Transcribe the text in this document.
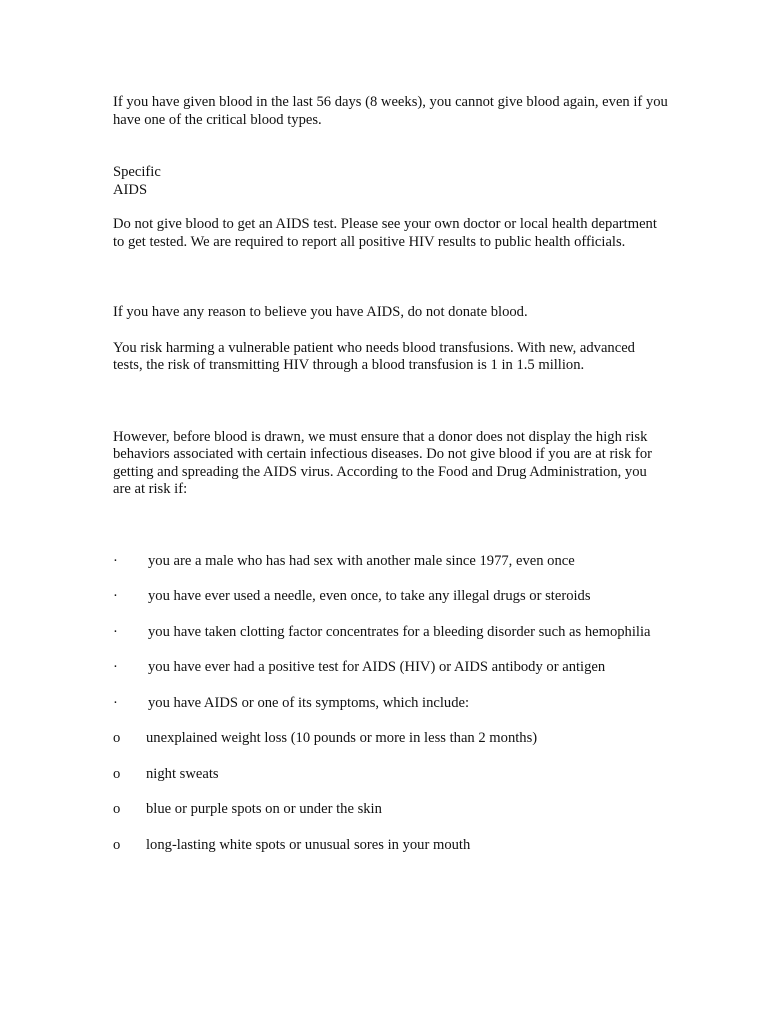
If you have given blood in the last 56 days (8 weeks), you cannot give blood again, even if you have one of the critical blood types.

Specific
AIDS

Do not give blood to get an AIDS test. Please see your own doctor or local health department to get tested. We are required to report all positive HIV results to public health officials.

If you have any reason to believe you have AIDS, do not donate blood.

You risk harming a vulnerable patient who needs blood transfusions. With new, advanced tests, the risk of transmitting HIV through a blood transfusion is 1 in 1.5 million.

However, before blood is drawn, we must ensure that a donor does not display the high risk behaviors associated with certain infectious diseases. Do not give blood if you are at risk for getting and spreading the AIDS virus. According to the Food and Drug Administration, you are at risk if:

· you are a male who has had sex with another male since 1977, even once

· you have ever used a needle, even once, to take any illegal drugs or steroids

· you have taken clotting factor concentrates for a bleeding disorder such as hemophilia

· you have ever had a positive test for AIDS (HIV) or AIDS antibody or antigen

· you have AIDS or one of its symptoms, which include:

o unexplained weight loss (10 pounds or more in less than 2 months)

o night sweats

o blue or purple spots on or under the skin

o long-lasting white spots or unusual sores in your mouth
